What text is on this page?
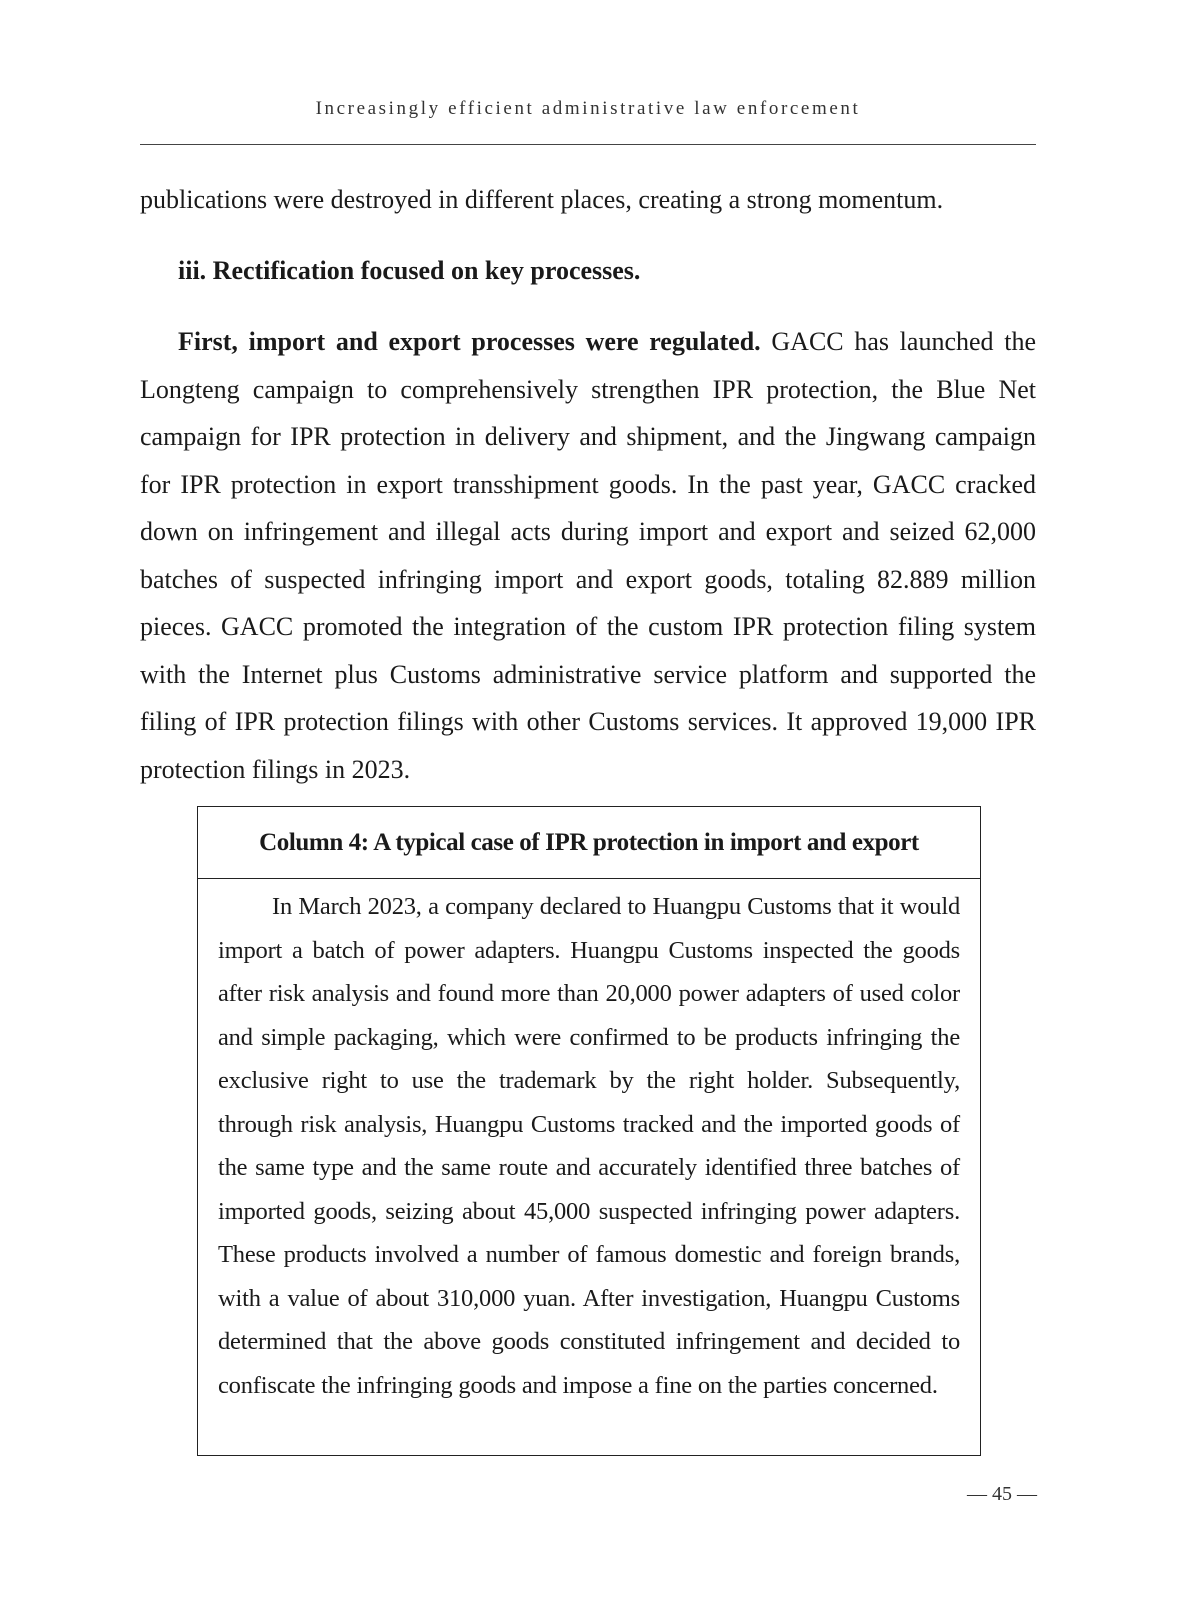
Increasingly efficient administrative law enforcement

publications were destroyed in different places, creating a strong momentum.

iii. Rectification focused on key processes.

First, import and export processes were regulated. GACC has launched the Longteng campaign to comprehensively strengthen IPR protection, the Blue Net campaign for IPR protection in delivery and shipment, and the Jingwang campaign for IPR protection in export transshipment goods. In the past year, GACC cracked down on infringement and illegal acts during import and export and seized 62,000 batches of suspected infringing import and export goods, totaling 82.889 million pieces. GACC promoted the integration of the custom IPR protection filing system with the Internet plus Customs administrative service platform and supported the filing of IPR protection filings with other Customs services. It approved 19,000 IPR protection filings in 2023.

Column 4: A typical case of IPR protection in import and export

In March 2023, a company declared to Huangpu Customs that it would import a batch of power adapters. Huangpu Customs inspected the goods after risk analysis and found more than 20,000 power adapters of used color and simple packaging, which were confirmed to be products infringing the exclusive right to use the trademark by the right holder. Subsequently, through risk analysis, Huangpu Customs tracked and the imported goods of the same type and the same route and accurately identified three batches of imported goods, seizing about 45,000 suspected infringing power adapters. These products involved a number of famous domestic and foreign brands, with a value of about 310,000 yuan. After investigation, Huangpu Customs determined that the above goods constituted infringement and decided to confiscate the infringing goods and impose a fine on the parties concerned.

— 45 —
